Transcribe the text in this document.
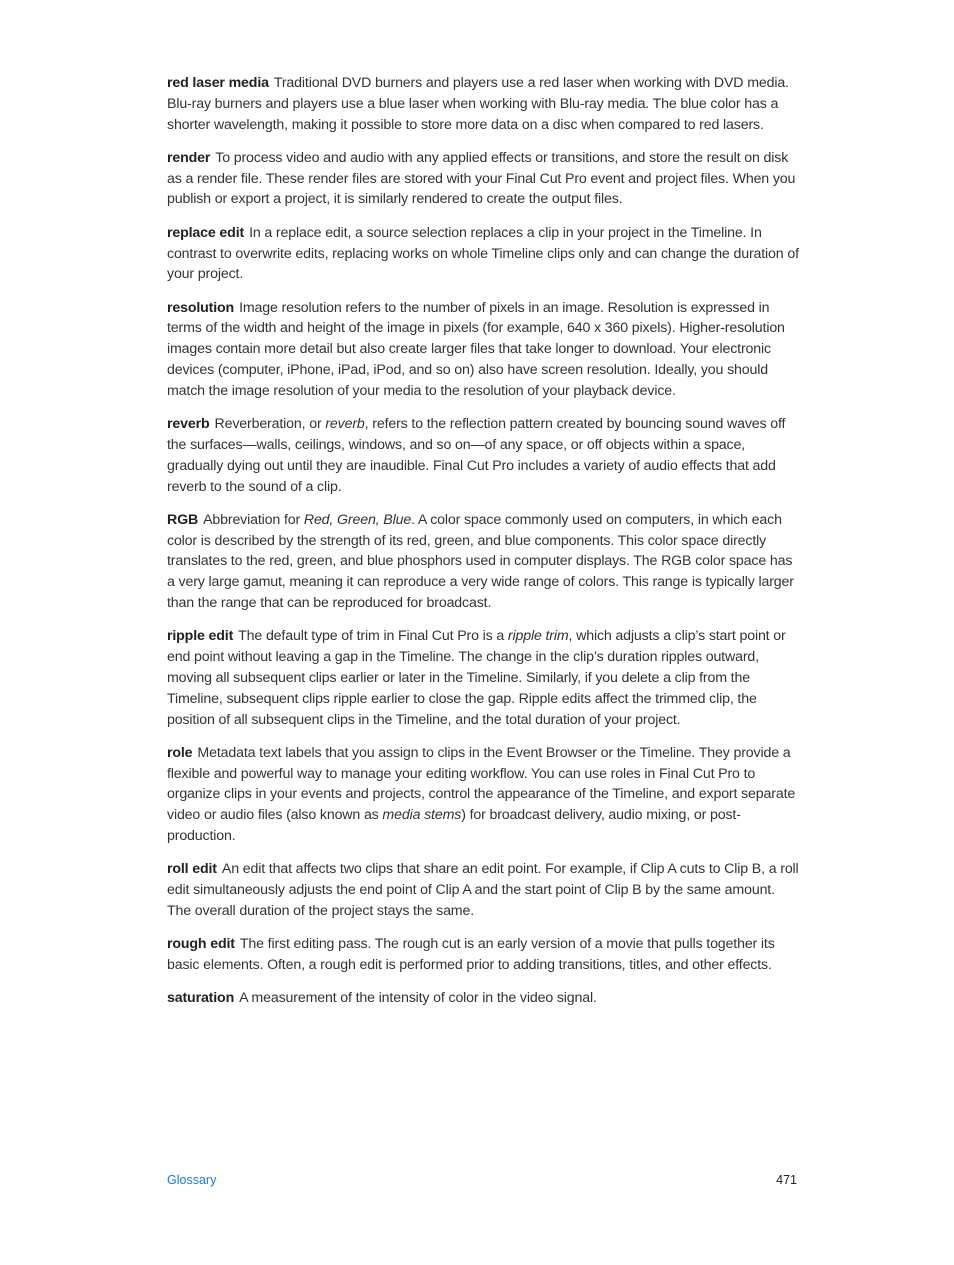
red laser media Traditional DVD burners and players use a red laser when working with DVD media. Blu-ray burners and players use a blue laser when working with Blu-ray media. The blue color has a shorter wavelength, making it possible to store more data on a disc when compared to red lasers.

render To process video and audio with any applied effects or transitions, and store the result on disk as a render file. These render files are stored with your Final Cut Pro event and project files. When you publish or export a project, it is similarly rendered to create the output files.

replace edit In a replace edit, a source selection replaces a clip in your project in the Timeline. In contrast to overwrite edits, replacing works on whole Timeline clips only and can change the duration of your project.

resolution Image resolution refers to the number of pixels in an image. Resolution is expressed in terms of the width and height of the image in pixels (for example, 640 x 360 pixels). Higher-resolution images contain more detail but also create larger files that take longer to download. Your electronic devices (computer, iPhone, iPad, iPod, and so on) also have screen resolution. Ideally, you should match the image resolution of your media to the resolution of your playback device.

reverb Reverberation, or reverb, refers to the reflection pattern created by bouncing sound waves off the surfaces—walls, ceilings, windows, and so on—of any space, or off objects within a space, gradually dying out until they are inaudible. Final Cut Pro includes a variety of audio effects that add reverb to the sound of a clip.

RGB Abbreviation for Red, Green, Blue. A color space commonly used on computers, in which each color is described by the strength of its red, green, and blue components. This color space directly translates to the red, green, and blue phosphors used in computer displays. The RGB color space has a very large gamut, meaning it can reproduce a very wide range of colors. This range is typically larger than the range that can be reproduced for broadcast.

ripple edit The default type of trim in Final Cut Pro is a ripple trim, which adjusts a clip’s start point or end point without leaving a gap in the Timeline. The change in the clip’s duration ripples outward, moving all subsequent clips earlier or later in the Timeline. Similarly, if you delete a clip from the Timeline, subsequent clips ripple earlier to close the gap. Ripple edits affect the trimmed clip, the position of all subsequent clips in the Timeline, and the total duration of your project.

role Metadata text labels that you assign to clips in the Event Browser or the Timeline. They provide a flexible and powerful way to manage your editing workflow. You can use roles in Final Cut Pro to organize clips in your events and projects, control the appearance of the Timeline, and export separate video or audio files (also known as media stems) for broadcast delivery, audio mixing, or post-production.

roll edit An edit that affects two clips that share an edit point. For example, if Clip A cuts to Clip B, a roll edit simultaneously adjusts the end point of Clip A and the start point of Clip B by the same amount. The overall duration of the project stays the same.

rough edit The first editing pass. The rough cut is an early version of a movie that pulls together its basic elements. Often, a rough edit is performed prior to adding transitions, titles, and other effects.

saturation A measurement of the intensity of color in the video signal.

Glossary	471
